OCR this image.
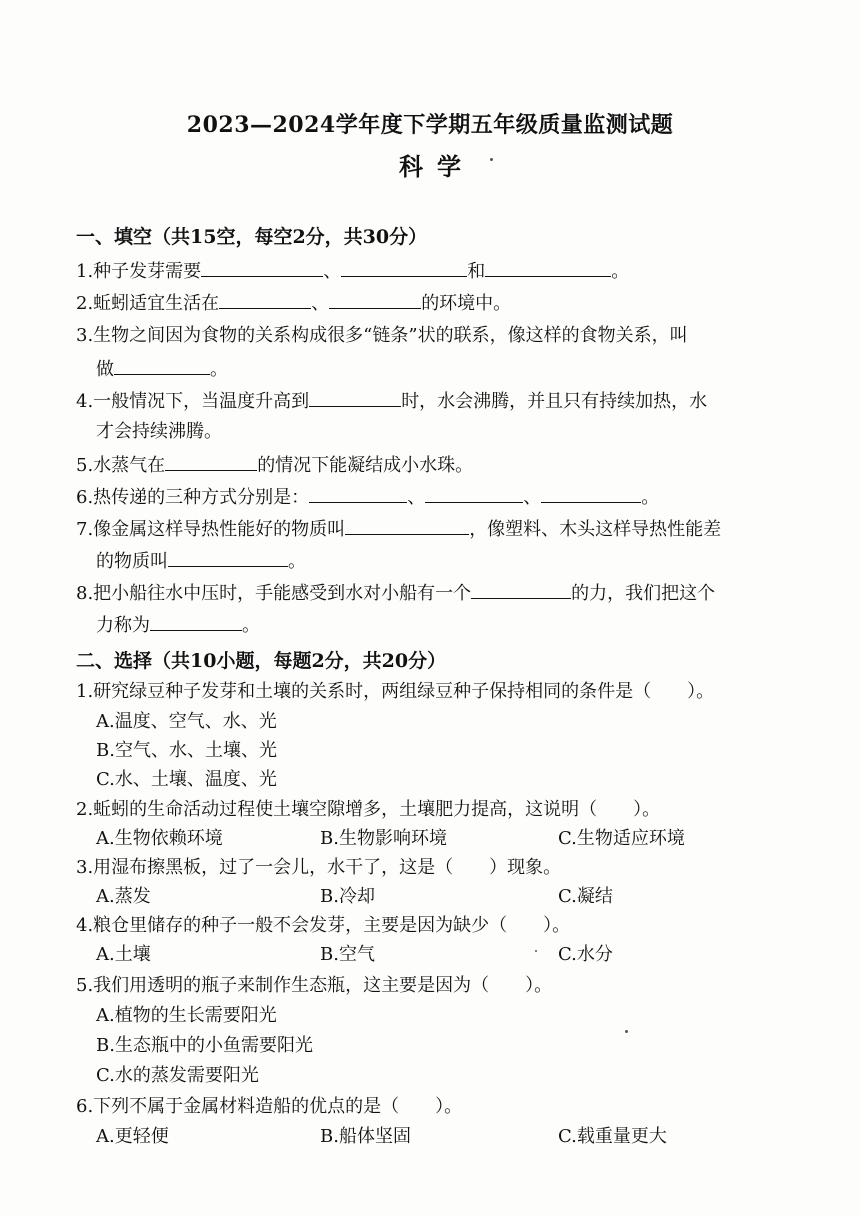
2023—2024学年度下学期五年级质量监测试题
科学
一、填空（共15空，每空2分，共30分）
1.种子发芽需要	、	和	。
2.蚯蚓适宜生活在	、	的环境中。
3.生物之间因为食物的关系构成很多“链条”状的联系，像这样的食物关系，叫
做	。
4.一般情况下，当温度升高到	时，水会沸腾，并且只有持续加热，水
才会持续沸腾。
5.水蒸气在	的情况下能凝结成小水珠。
6.热传递的三种方式分别是：	、	、	。
7.像金属这样导热性能好的物质叫	，像塑料、木头这样导热性能差
的物质叫	。
8.把小船往水中压时，手能感受到水对小船有一个	的力，我们把这个
力称为	。
二、选择（共10小题，每题2分，共20分）
1.研究绿豆种子发芽和土壤的关系时，两组绿豆种子保持相同的条件是（　　）。
A.温度、空气、水、光
B.空气、水、土壤、光
C.水、土壤、温度、光
2.蚯蚓的生命活动过程使土壤空隙增多，土壤肥力提高，这说明（　　）。
A.生物依赖环境	B.生物影响环境	C.生物适应环境
3.用湿布擦黑板，过了一会儿，水干了，这是（　　）现象。
A.蒸发	B.冷却	C.凝结
4.粮仓里储存的种子一般不会发芽，主要是因为缺少（　　）。
A.土壤	B.空气	C.水分
5.我们用透明的瓶子来制作生态瓶，这主要是因为（　　）。
A.植物的生长需要阳光
B.生态瓶中的小鱼需要阳光
C.水的蒸发需要阳光
6.下列不属于金属材料造船的优点的是（　　）。
A.更轻便	B.船体坚固	C.载重量更大
